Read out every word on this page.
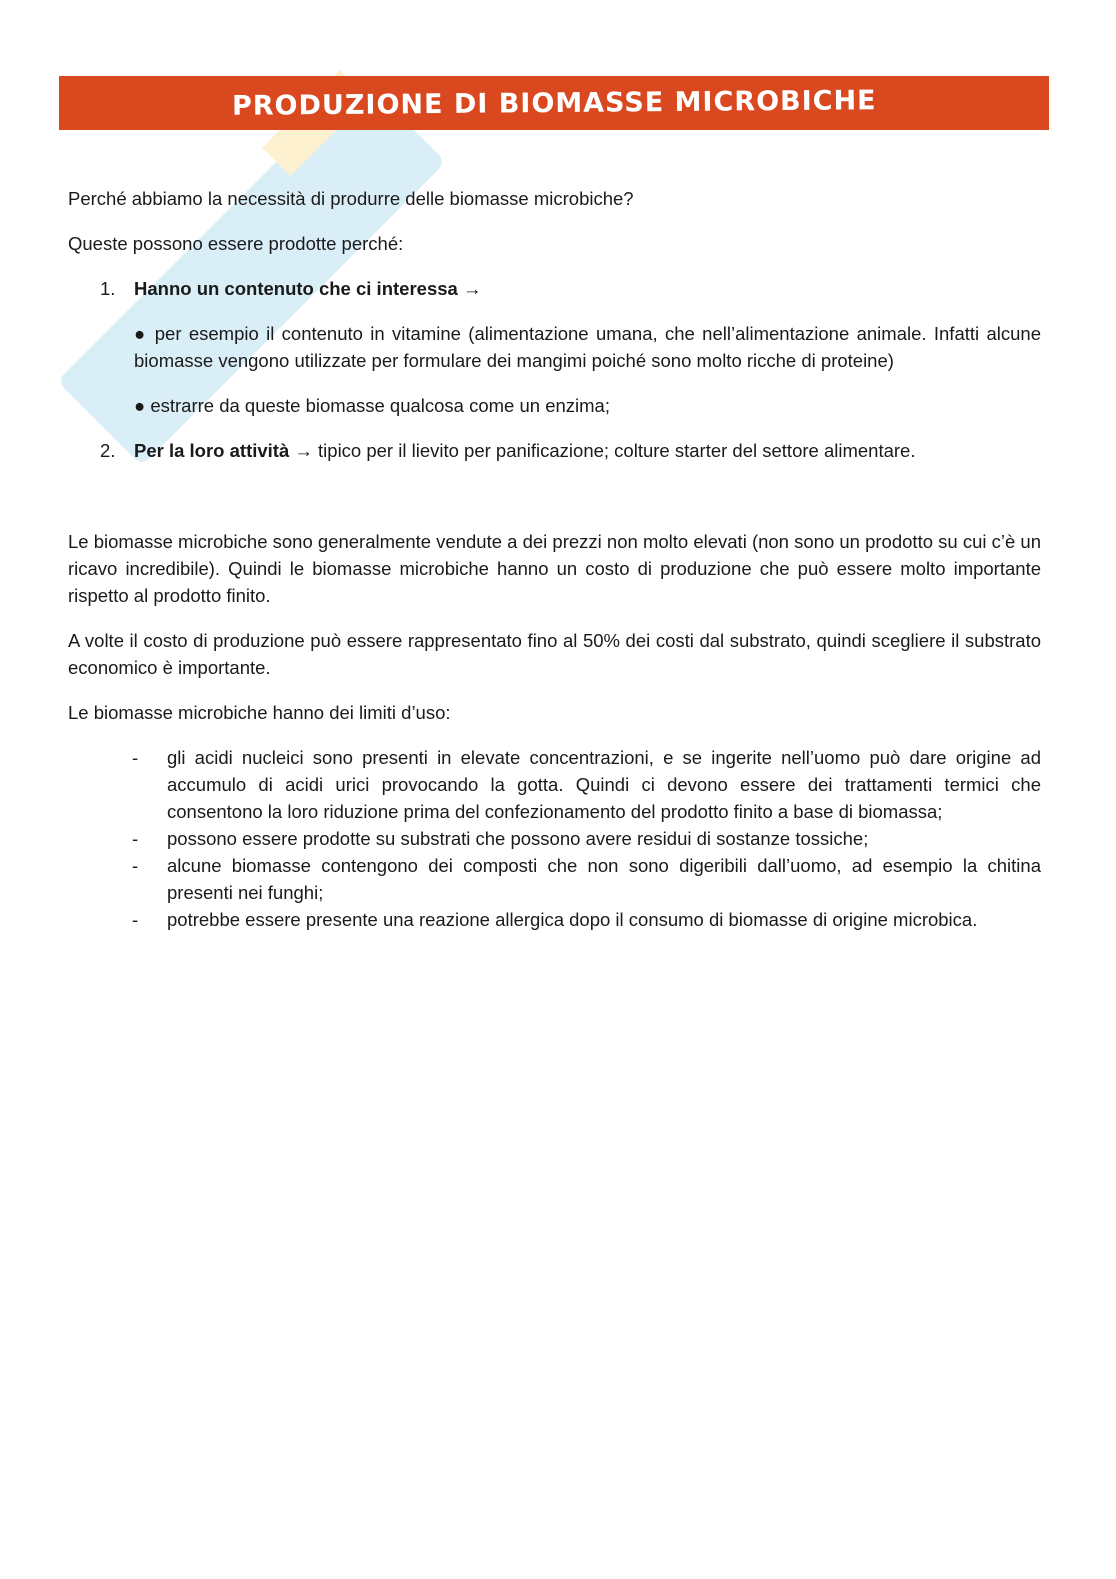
PRODUZIONE DI BIOMASSE MICROBICHE

Perché abbiamo la necessità di produrre delle biomasse microbiche?

Queste possono essere prodotte perché:

1. Hanno un contenuto che ci interessa →

● per esempio il contenuto in vitamine (alimentazione umana, che nell’alimentazione animale. Infatti alcune biomasse vengono utilizzate per formulare dei mangimi poiché sono molto ricche di proteine)

● estrarre da queste biomasse qualcosa come un enzima;

2. Per la loro attività → tipico per il lievito per panificazione; colture starter del settore alimentare.

Le biomasse microbiche sono generalmente vendute a dei prezzi non molto elevati (non sono un prodotto su cui c’è un ricavo incredibile). Quindi le biomasse microbiche hanno un costo di produzione che può essere molto importante rispetto al prodotto finito.

A volte il costo di produzione può essere rappresentato fino al 50% dei costi dal substrato, quindi scegliere il substrato economico è importante.

Le biomasse microbiche hanno dei limiti d’uso:

- gli acidi nucleici sono presenti in elevate concentrazioni, e se ingerite nell’uomo può dare origine ad accumulo di acidi urici provocando la gotta. Quindi ci devono essere dei trattamenti termici che consentono la loro riduzione prima del confezionamento del prodotto finito a base di biomassa;
- possono essere prodotte su substrati che possono avere residui di sostanze tossiche;
- alcune biomasse contengono dei composti che non sono digeribili dall’uomo, ad esempio la chitina presenti nei funghi;
- potrebbe essere presente una reazione allergica dopo il consumo di biomasse di origine microbica.
